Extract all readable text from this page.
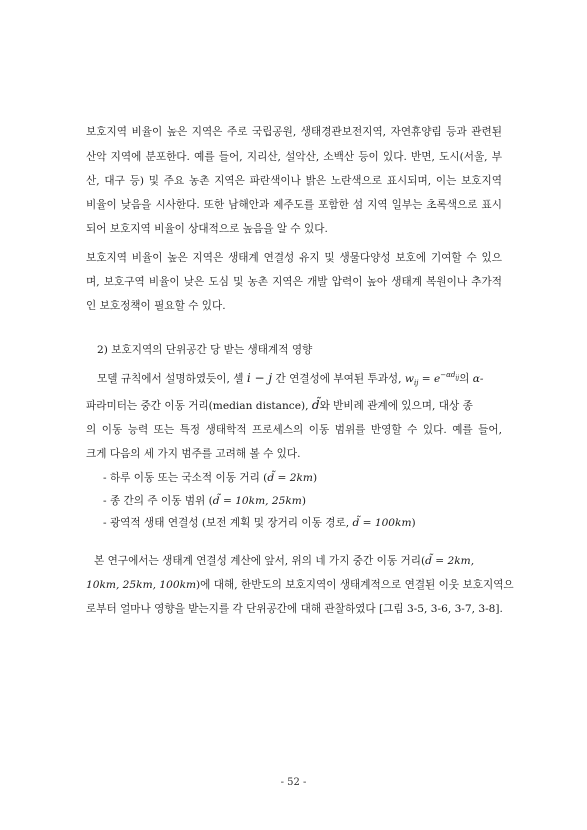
보호지역 비율이 높은 지역은 주로 국립공원, 생태경관보전지역, 자연휴양림 등과 관련된
산악 지역에 분포한다. 예를 들어, 지리산, 설악산, 소백산 등이 있다. 반면, 도시(서울, 부
산, 대구 등) 및 주요 농촌 지역은 파란색이나 밝은 노란색으로 표시되며, 이는 보호지역
비율이 낮음을 시사한다. 또한 남해안과 제주도를 포함한 섬 지역 일부는 초록색으로 표시
되어 보호지역 비율이 상대적으로 높음을 알 수 있다.
보호지역 비율이 높은 지역은 생태계 연결성 유지 및 생물다양성 보호에 기여할 수 있으
며, 보호구역 비율이 낮은 도심 및 농촌 지역은 개발 압력이 높아 생태계 복원이나 추가적
인 보호정책이 필요할 수 있다.
2) 보호지역의 단위공간 당 받는 생태계적 영향
모델 규칙에서 설명하였듯이, 셀 i − j 간 연결성에 부여된 투과성, $w_{ij} = e^{-\alpha d_{ij}}$의 α-
파라미터는 중간 이동 거리(median distance), d̃와 반비례 관계에 있으며, 대상 종
의 이동 능력 또는 특정 생태학적 프로세스의 이동 범위를 반영할 수 있다. 예를 들어,
크게 다음의 세 가지 범주를 고려해 볼 수 있다.
- 하루 이동 또는 국소적 이동 거리 (d̃ = 2km)
- 종 간의 주 이동 범위 (d̃ = 10km, 25km)
- 광역적 생태 연결성 (보전 계획 및 장거리 이동 경로, d̃ = 100km)
본 연구에서는 생태계 연결성 계산에 앞서, 위의 네 가지 중간 이동 거리(d̃ = 2km,
10km, 25km, 100km)에 대해, 한반도의 보호지역이 생태계적으로 연결된 이웃 보호지역으
로부터 얼마나 영향을 받는지를 각 단위공간에 대해 관찰하였다 [그림 3-5, 3-6, 3-7, 3-8].
- 52 -
